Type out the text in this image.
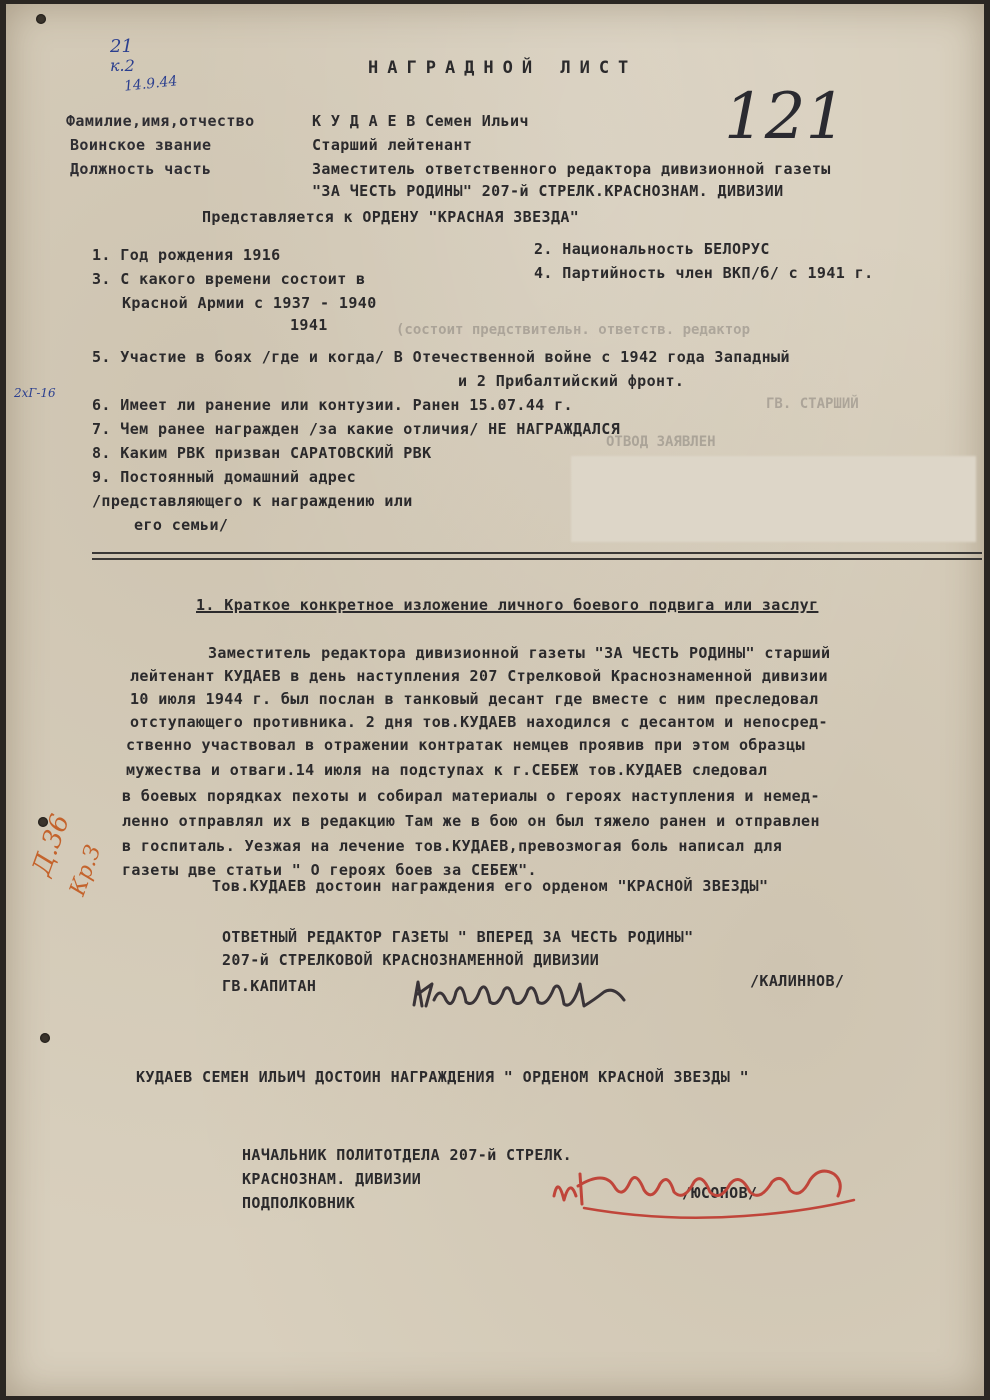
21
к.2
14.9.44	121
2хГ-16
Д.36
Кр.З
НАГРАДНОЙ ЛИСТ
Фамилие,имя,отчество	К У Д А Е В Семен Ильич
Воинское звание	Старший лейтенант
Должность часть	Заместитель ответственного редактора дивизионной газеты
"ЗА ЧЕСТЬ РОДИНЫ" 207-й СТРЕЛК.КРАСНОЗНАМ. ДИВИЗИИ
Представляется к ОРДЕНУ "КРАСНАЯ ЗВЕЗДА"
1. Год рождения 1916	2. Национальность БЕЛОРУС
3. С какого времени состоит в	4. Партийность член ВКП/б/ с 1941 г.
Красной Армии с 1937 - 1940
1941	(состоит предствительн. ответств. редактор
ГВ. СТАРШИЙ
ОТВОД ЗАЯВЛЕН
5. Участие в боях /где и когда/ В Отечественной войне с 1942 года Западный
и 2 Прибалтийский фронт.
6. Имеет ли ранение или контузии. Ранен 15.07.44 г.
7. Чем ранее награжден /за какие отличия/ НЕ НАГРАЖДАЛСЯ
8. Каким РВК призван САРАТОВСКИЙ РВК
9. Постоянный домашний адрес
/представляющего к награждению или
его семьи/
1. Краткое конкретное изложение личного боевого подвига или заслуг
Заместитель редактора дивизионной газеты "ЗА ЧЕСТЬ РОДИНЫ" старший
лейтенант КУДАЕВ в день наступления 207 Стрелковой Краснознаменной дивизии
10 июля 1944 г. был послан в танковый десант где вместе с ним преследовал
отступающего противника. 2 дня тов.КУДАЕВ находился с десантом и непосред-
ственно участвовал в отражении контратак немцев проявив при этом образцы
мужества и отваги.14 июля на подступах к г.СЕБЕЖ тов.КУДАЕВ следовал
в боевых порядках пехоты и собирал материалы о героях наступления и немед-
ленно отправлял их в редакцию Там же в бою он был тяжело ранен и отправлен
в госпиталь. Уезжая на лечение тов.КУДАЕВ,превозмогая боль написал для
газеты две статьи " О героях боев за СЕБЕЖ".
Тов.КУДАЕВ достоин награждения его орденом "КРАСНОЙ ЗВЕЗДЫ"
ОТВЕТНЫЙ РЕДАКТОР ГАЗЕТЫ " ВПЕРЕД ЗА ЧЕСТЬ РОДИНЫ"
207-й СТРЕЛКОВОЙ КРАСНОЗНАМЕННОЙ ДИВИЗИИ
ГВ.КАПИТАН	/КАЛИННОВ/
КУДАЕВ СЕМЕН ИЛЬИЧ ДОСТОИН НАГРАЖДЕНИЯ " ОРДЕНОМ КРАСНОЙ ЗВЕЗДЫ "
НАЧАЛЬНИК ПОЛИТОТДЕЛА 207-й СТРЕЛК.
КРАСНОЗНАМ. ДИВИЗИИ
ПОДПОЛКОВНИК
/ЮСОПОВ/
